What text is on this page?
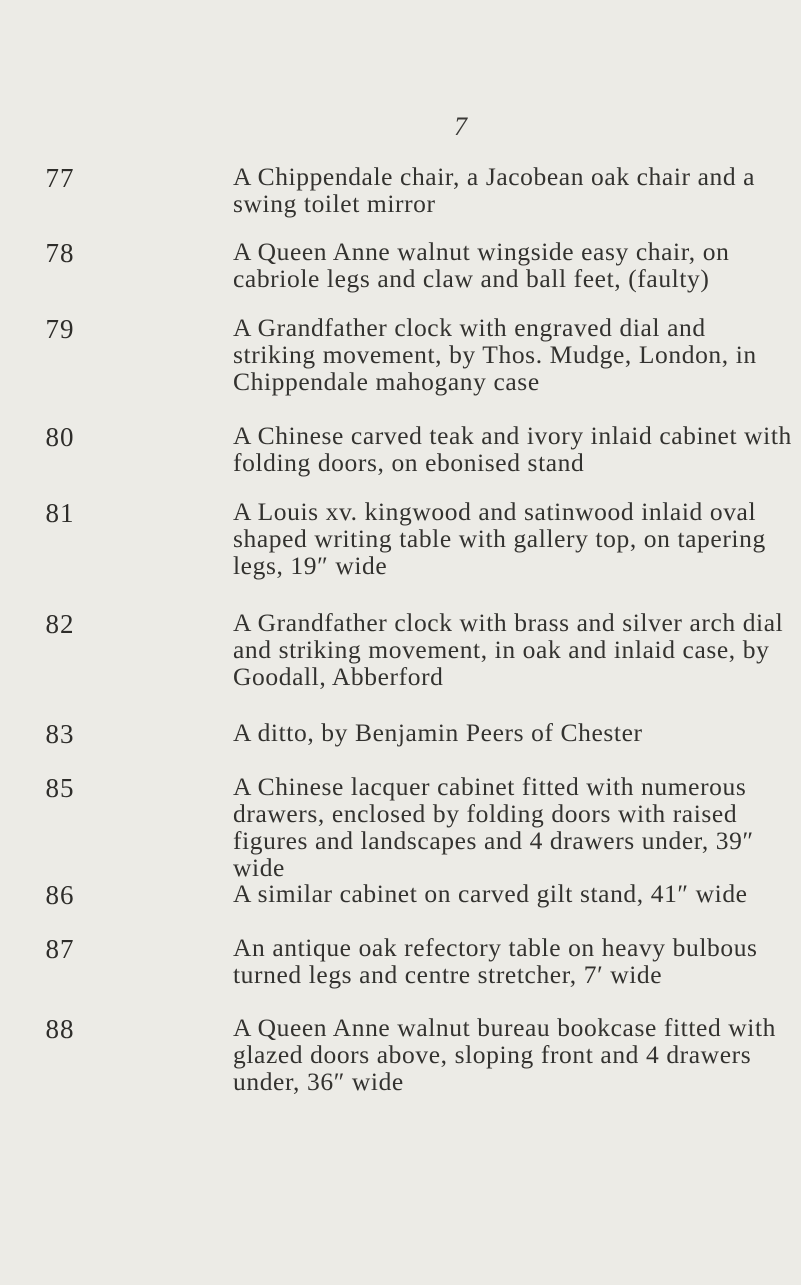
7
77	A Chippendale chair, a Jacobean oak chair and a swing toilet mirror
78	A Queen Anne walnut wingside easy chair, on cabriole legs and claw and ball feet, (faulty)
79	A Grandfather clock with engraved dial and striking movement, by Thos. Mudge, London, in Chippendale mahogany case
80	A Chinese carved teak and ivory inlaid cabinet with folding doors, on ebonised stand
81	A Louis xv. kingwood and satinwood inlaid oval shaped writing table with gallery top, on tapering legs, 19″ wide
82	A Grandfather clock with brass and silver arch dial and striking movement, in oak and inlaid case, by Goodall, Abberford
83	A ditto, by Benjamin Peers of Chester
85	A Chinese lacquer cabinet fitted with numerous drawers, enclosed by folding doors with raised figures and landscapes and 4 drawers under, 39″ wide
86	A similar cabinet on carved gilt stand, 41″ wide
87	An antique oak refectory table on heavy bulbous turned legs and centre stretcher, 7′ wide
88	A Queen Anne walnut bureau bookcase fitted with glazed doors above, sloping front and 4 drawers under, 36″ wide
